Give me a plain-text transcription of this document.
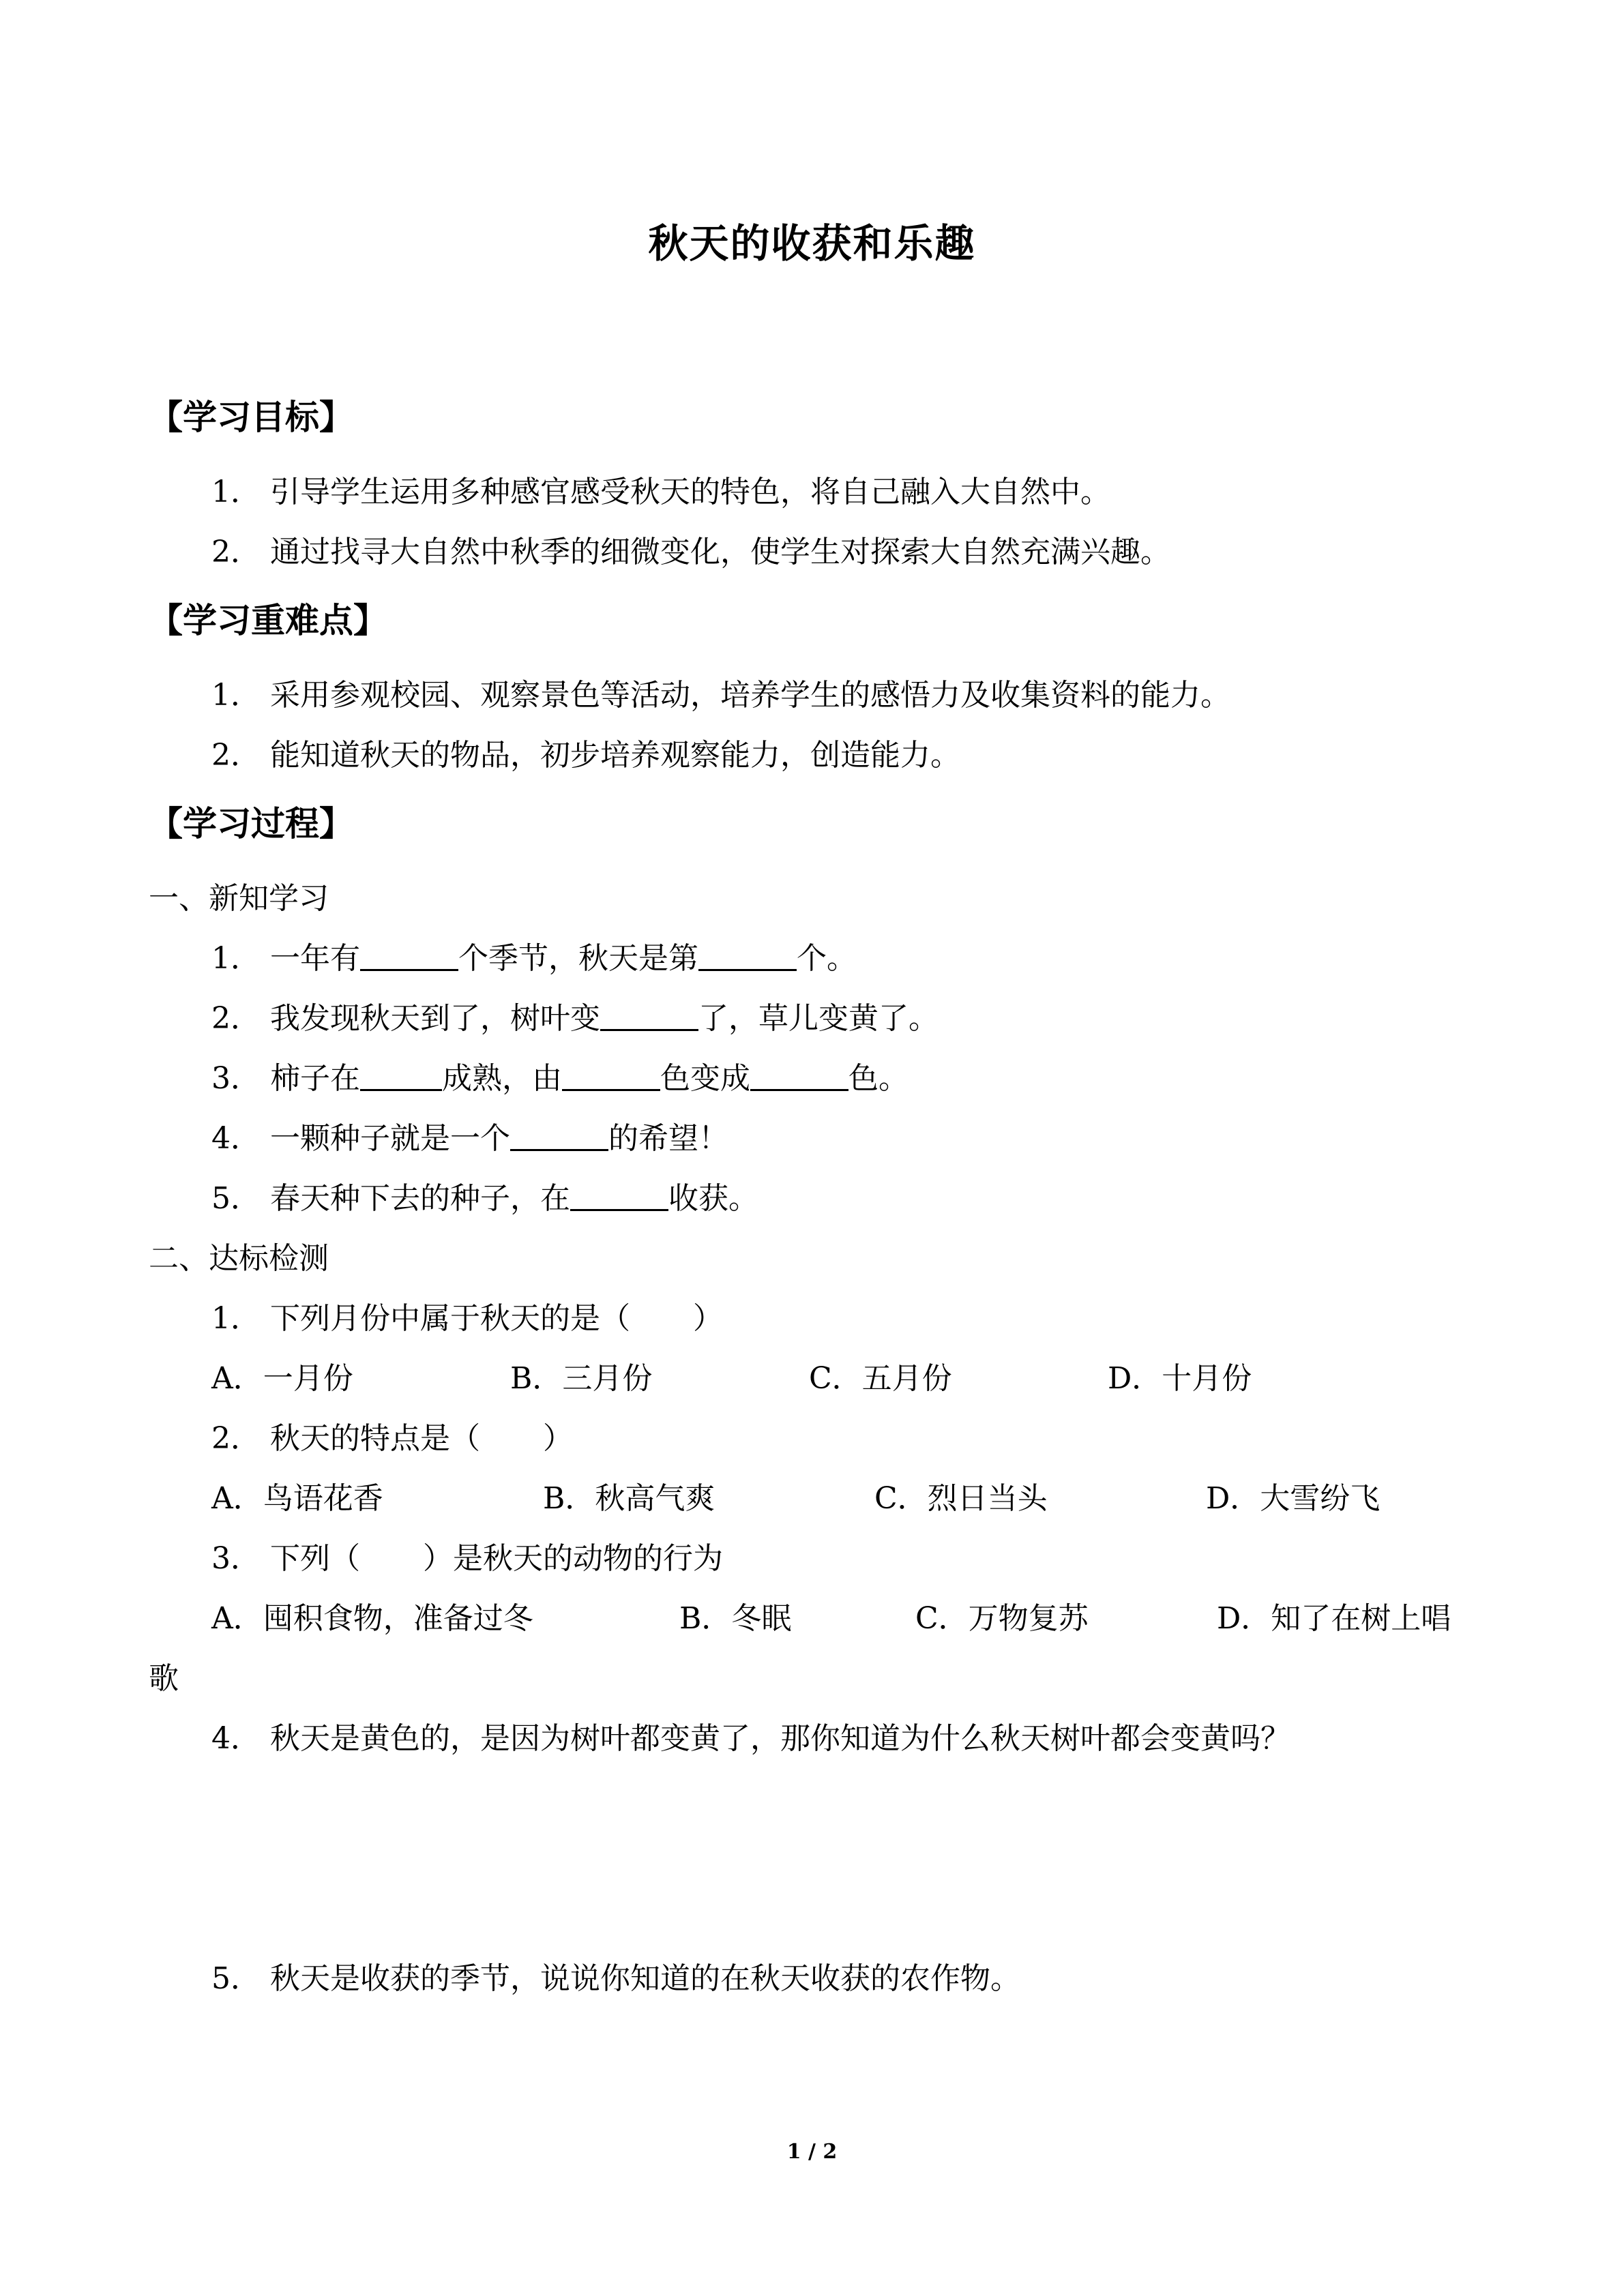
秋天的收获和乐趣
【学习目标】
1． 引导学生运用多种感官感受秋天的特色，将自己融入大自然中。
2． 通过找寻大自然中秋季的细微变化，使学生对探索大自然充满兴趣。
【学习重难点】
1． 采用参观校园、观察景色等活动，培养学生的感悟力及收集资料的能力。
2． 能知道秋天的物品，初步培养观察能力，创造能力。
【学习过程】
一、新知学习
1． 一年有	个季节，秋天是第	个。
2． 我发现秋天到了，树叶变	了，草儿变黄了。
3． 柿子在	成熟，由	色变成	色。
4． 一颗种子就是一个	的希望！
5． 春天种下去的种子，在	收获。
二、达标检测
1． 下列月份中属于秋天的是（ ）
A．一月份	B．三月份	C．五月份	D．十月份
2． 秋天的特点是（ ）
A．鸟语花香	B．秋高气爽	C．烈日当头	D．大雪纷飞
3． 下列（ ）是秋天的动物的行为
A．囤积食物，准备过冬	B．冬眠	C．万物复苏	D．知了在树上唱
歌
4． 秋天是黄色的，是因为树叶都变黄了，那你知道为什么秋天树叶都会变黄吗？
5． 秋天是收获的季节，说说你知道的在秋天收获的农作物。
1 / 2
